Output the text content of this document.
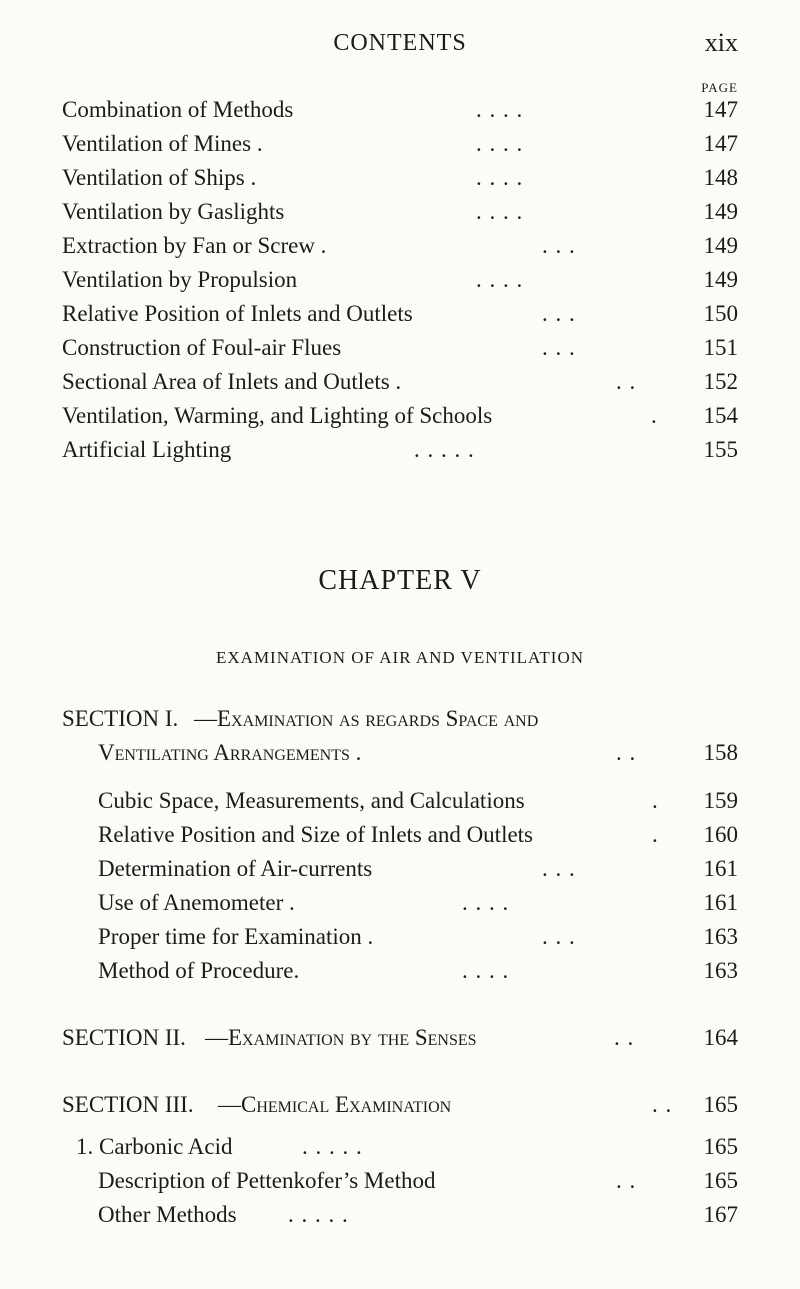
CONTENTS	xix
PAGE
Combination of Methods	. . . .	147
Ventilation of Mines .	. . . .	147
Ventilation of Ships .	. . . .	148
Ventilation by Gaslights	. . . .	149
Extraction by Fan or Screw .	. . .	149
Ventilation by Propulsion	. . . .	149
Relative Position of Inlets and Outlets	. . .	150
Construction of Foul-air Flues	. . .	151
Sectional Area of Inlets and Outlets .	. .	152
Ventilation, Warming, and Lighting of Schools	. 154
Artificial Lighting	. . . . .	155
CHAPTER V
EXAMINATION OF AIR AND VENTILATION
SECTION I. —Examination as regards Space and
Ventilating Arrangements .	. .	158
Cubic Space, Measurements, and Calculations	. 159
Relative Position and Size of Inlets and Outlets	. 160
Determination of Air-currents	. . .	161
Use of Anemometer .	. . . .	161
Proper time for Examination .	. . .	163
Method of Procedure.	. . . .	163
SECTION II. —Examination by the Senses	. .	164
SECTION III. —Chemical Examination	. . 165
1. Carbonic Acid	. . . . .	165
Description of Pettenkofer’s Method	. .	165
Other Methods . . . . .	167
